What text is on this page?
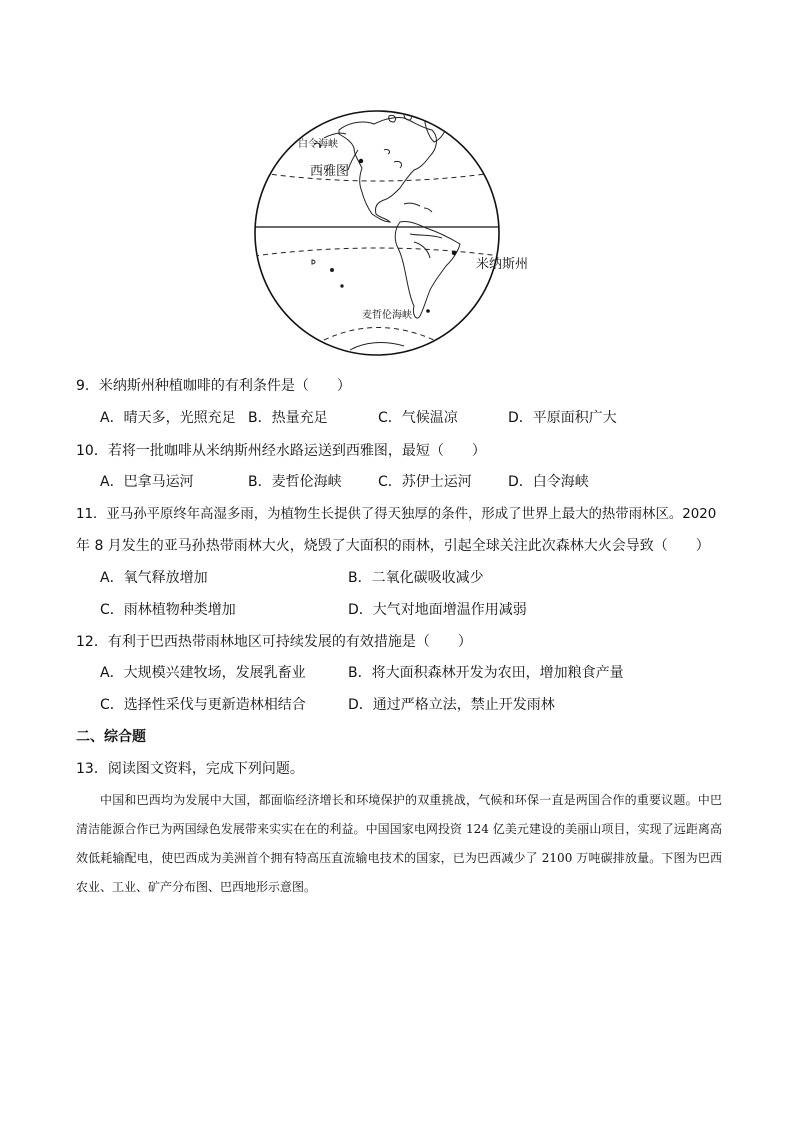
白令海峡
西雅图
米纳斯州
麦哲伦海峡
9．米纳斯州种植咖啡的有利条件是（　　）
A．晴天多，光照充足 B．热量充足	C．气候温凉	D．平原面积广大
10．若将一批咖啡从米纳斯州经水路运送到西雅图，最短（　　）
A．巴拿马运河	B．麦哲伦海峡	C．苏伊士运河	D．白令海峡
11．亚马孙平原终年高湿多雨，为植物生长提供了得天独厚的条件，形成了世界上最大的热带雨林区。2020
年 8 月发生的亚马孙热带雨林大火，烧毁了大面积的雨林，引起全球关注此次森林大火会导致（　　）
A．氧气释放增加	B．二氧化碳吸收减少
C．雨林植物种类增加	D．大气对地面增温作用减弱
12．有利于巴西热带雨林地区可持续发展的有效措施是（　　）
A．大规模兴建牧场，发展乳畜业	B．将大面积森林开发为农田，增加粮食产量
C．选择性采伐与更新造林相结合	D．通过严格立法，禁止开发雨林
二、综合题
13．阅读图文资料，完成下列问题。
中国和巴西均为发展中大国，都面临经济增长和环境保护的双重挑战，气候和环保一直是两国合作的重要议题。中巴清洁能源合作已为两国绿色发展带来实实在在的利益。中国国家电网投资 124 亿美元建设的美丽山项目，实现了远距离高效低耗输配电，使巴西成为美洲首个拥有特高压直流输电技术的国家，已为巴西减少了 2100 万吨碳排放量。下图为巴西农业、工业、矿产分布图、巴西地形示意图。
